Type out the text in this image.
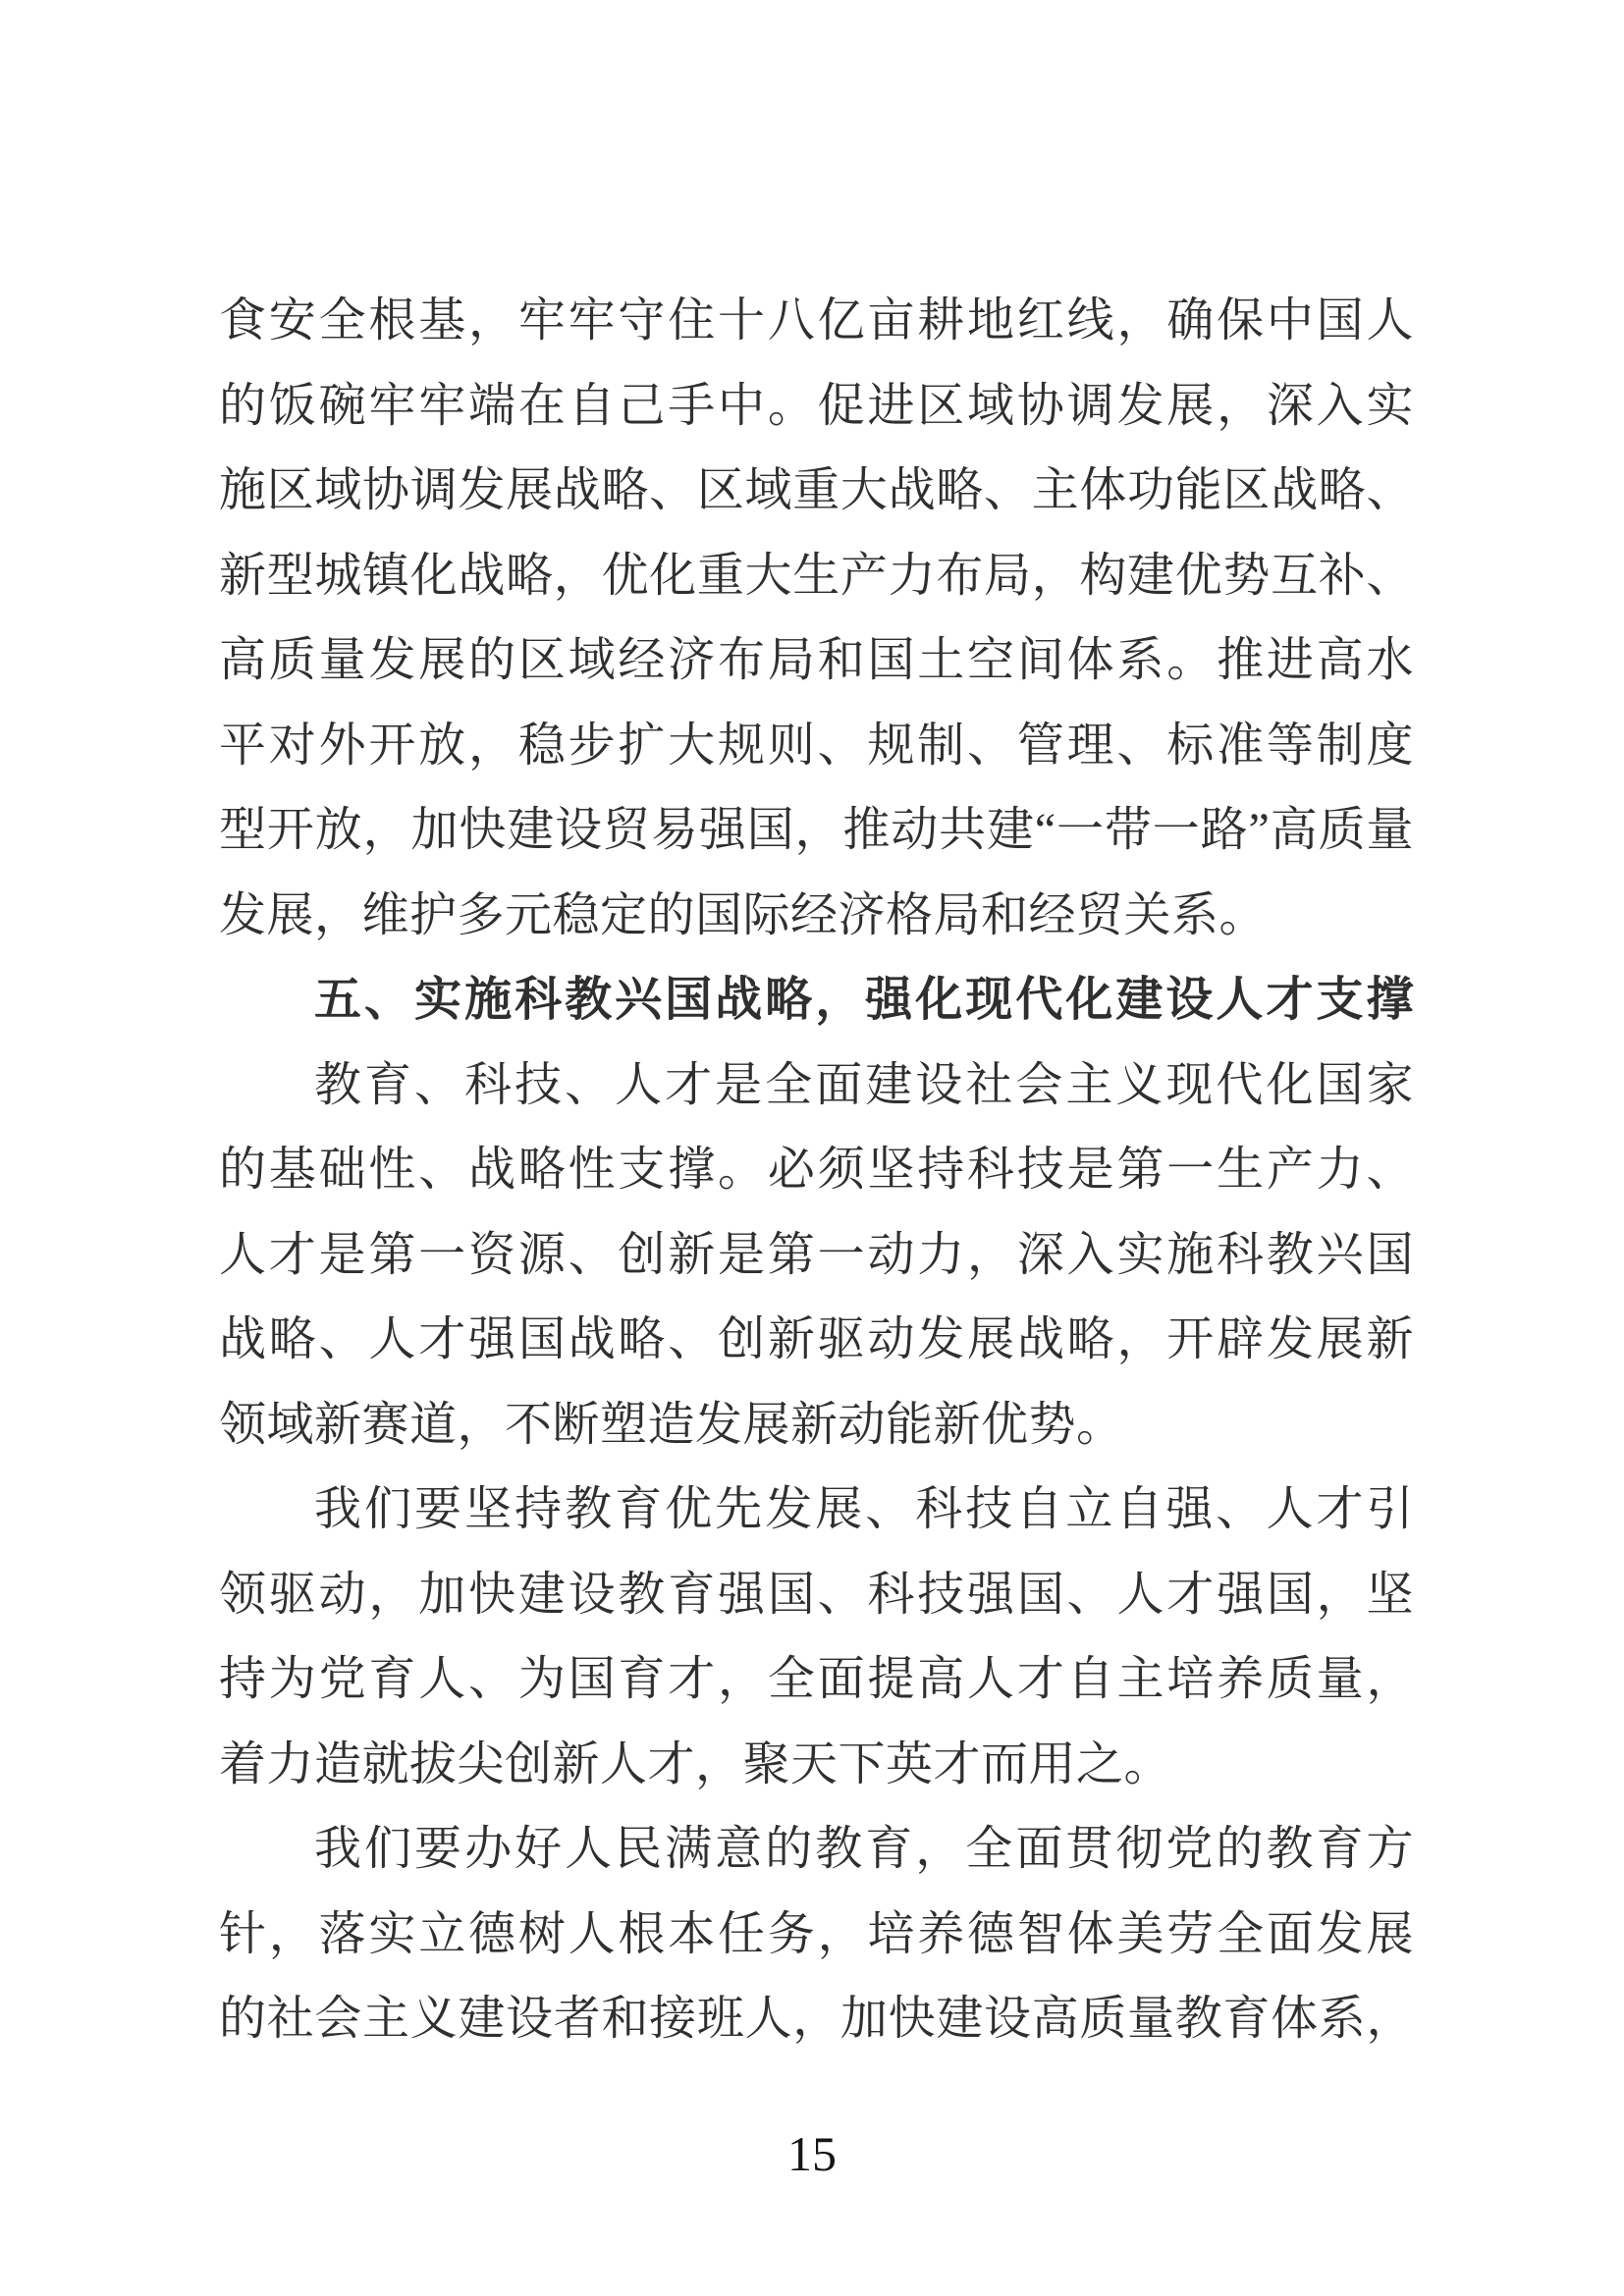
食安全根基，牢牢守住十八亿亩耕地红线，确保中国人
的饭碗牢牢端在自己手中。促进区域协调发展，深入实
施区域协调发展战略、区域重大战略、主体功能区战略、
新型城镇化战略，优化重大生产力布局，构建优势互补、
高质量发展的区域经济布局和国土空间体系。推进高水
平对外开放，稳步扩大规则、规制、管理、标准等制度
型开放，加快建设贸易强国，推动共建“一带一路”高质量
发展，维护多元稳定的国际经济格局和经贸关系。
五、实施科教兴国战略，强化现代化建设人才支撑
教育、科技、人才是全面建设社会主义现代化国家
的基础性、战略性支撑。必须坚持科技是第一生产力、
人才是第一资源、创新是第一动力，深入实施科教兴国
战略、人才强国战略、创新驱动发展战略，开辟发展新
领域新赛道，不断塑造发展新动能新优势。
我们要坚持教育优先发展、科技自立自强、人才引
领驱动，加快建设教育强国、科技强国、人才强国，坚
持为党育人、为国育才，全面提高人才自主培养质量，
着力造就拔尖创新人才，聚天下英才而用之。
我们要办好人民满意的教育，全面贯彻党的教育方
针，落实立德树人根本任务，培养德智体美劳全面发展
的社会主义建设者和接班人，加快建设高质量教育体系，
15
